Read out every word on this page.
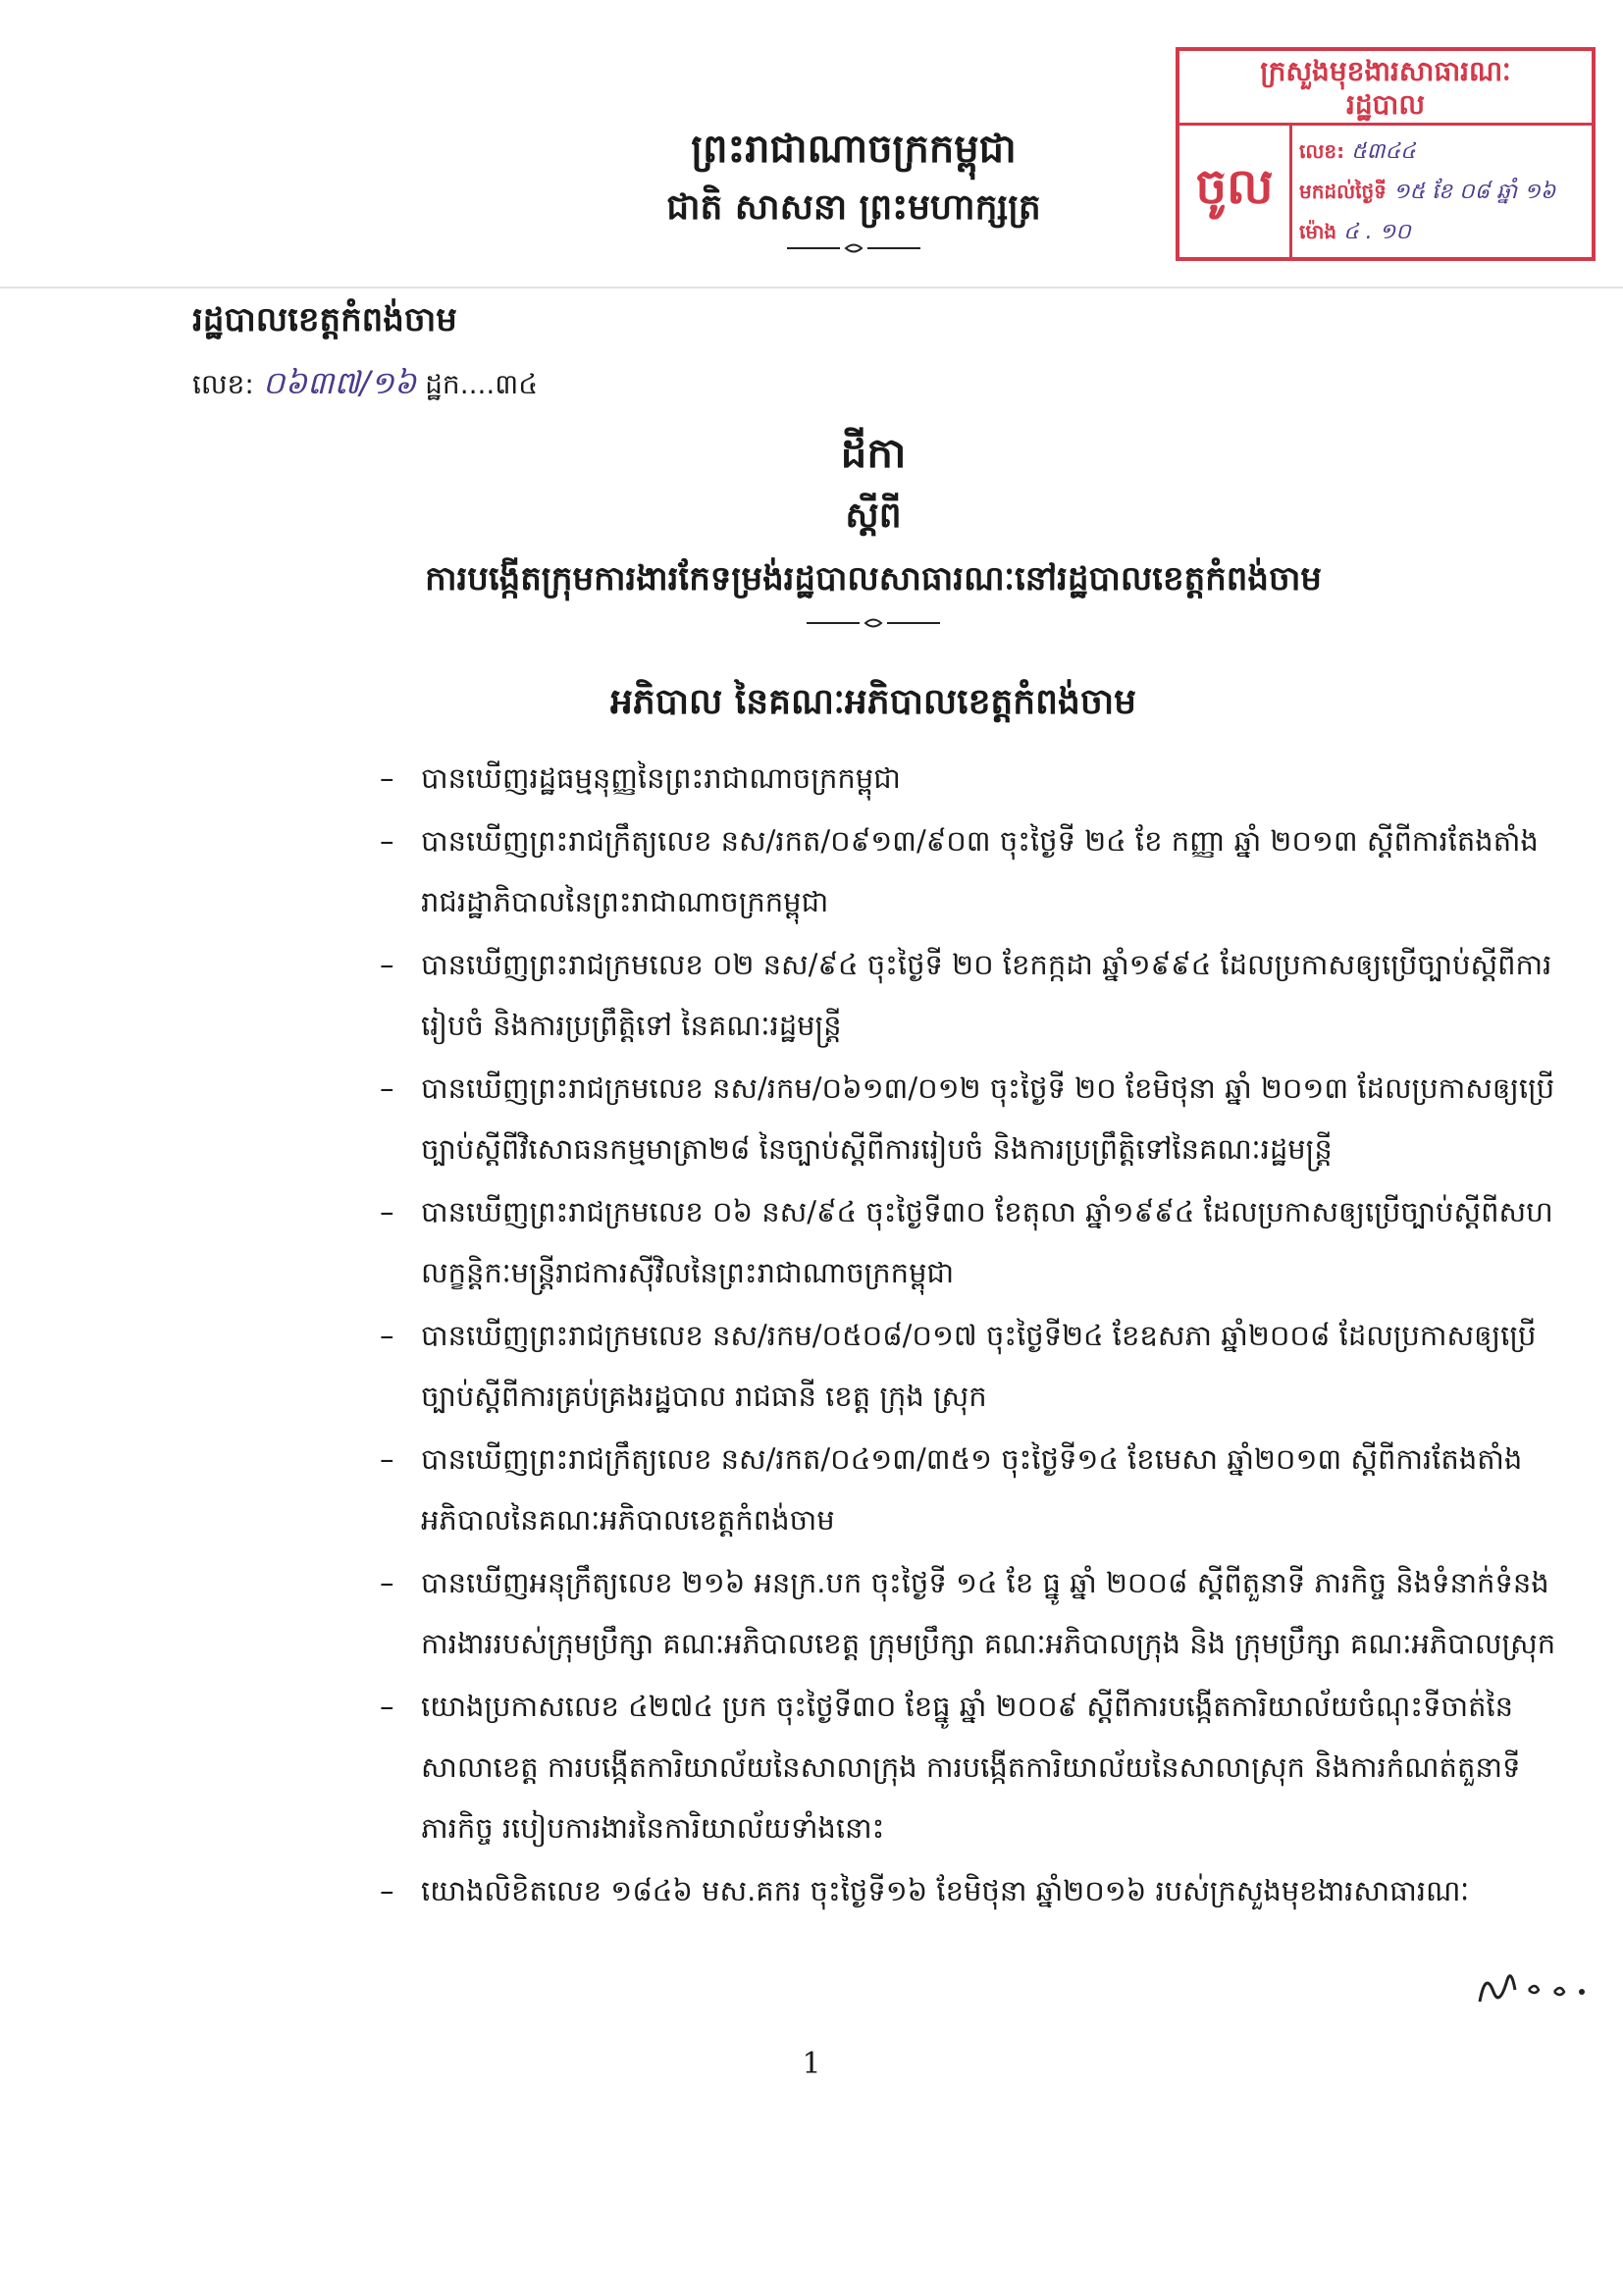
ព្រះរាជាណាចក្រកម្ពុជា
ជាតិ សាសនា ព្រះមហាក្សត្រ
ក្រសួងមុខងារសាធារណៈ
រដ្ឋបាល
ចូល
លេខ: ៥៣៤៤
មកដល់ថ្ងៃទី ១៥ ខែ ០៨ ឆ្នាំ ១៦
ម៉ោង ៤ . ១០
រដ្ឋបាលខេត្តកំពង់ចាម
លេខ: ០៦៣៧/១៦ ដ្ឋក....៣៤
ដីកា
ស្តីពី
ការបង្កើតក្រុមការងារកែទម្រង់រដ្ឋបាលសាធារណៈនៅរដ្ឋបាលខេត្តកំពង់ចាម
អភិបាល នៃគណៈអភិបាលខេត្តកំពង់ចាម
– បានឃើញរដ្ឋធម្មនុញ្ញនៃព្រះរាជាណាចក្រកម្ពុជា
– បានឃើញព្រះរាជក្រឹត្យលេខ នស/រកត/០៩១៣/៩០៣ ចុះថ្ងៃទី ២៤ ខែ កញ្ញា ឆ្នាំ ២០១៣ ស្តីពីការតែងតាំងរាជរដ្ឋាភិបាលនៃព្រះរាជាណាចក្រកម្ពុជា
– បានឃើញព្រះរាជក្រមលេខ ០២ នស/៩៤ ចុះថ្ងៃទី ២០ ខែកក្កដា ឆ្នាំ១៩៩៤ ដែលប្រកាសឲ្យប្រើច្បាប់ស្តីពីការរៀបចំ និងការប្រព្រឹត្តិទៅ នៃគណៈរដ្ឋមន្ត្រី
– បានឃើញព្រះរាជក្រមលេខ នស/រកម/០៦១៣/០១២ ចុះថ្ងៃទី ២០ ខែមិថុនា ឆ្នាំ ២០១៣ ដែលប្រកាសឲ្យប្រើច្បាប់ស្តីពីវិសោធនកម្មមាត្រា២៨ នៃច្បាប់ស្តីពីការរៀបចំ និងការប្រព្រឹត្តិទៅនៃគណៈរដ្ឋមន្ត្រី
– បានឃើញព្រះរាជក្រមលេខ ០៦ នស/៩៤ ចុះថ្ងៃទី៣០ ខែតុលា ឆ្នាំ១៩៩៤ ដែលប្រកាសឲ្យប្រើច្បាប់ស្តីពីសហលក្ខន្តិកៈមន្ត្រីរាជការស៊ីវិលនៃព្រះរាជាណាចក្រកម្ពុជា
– បានឃើញព្រះរាជក្រមលេខ នស/រកម/០៥០៨/០១៧ ចុះថ្ងៃទី២៤ ខែឧសភា ឆ្នាំ២០០៨ ដែលប្រកាសឲ្យប្រើច្បាប់ស្តីពីការគ្រប់គ្រងរដ្ឋបាល រាជធានី ខេត្ត ក្រុង ស្រុក
– បានឃើញព្រះរាជក្រឹត្យលេខ នស/រកត/០៤១៣/៣៥១ ចុះថ្ងៃទី១៤ ខែមេសា ឆ្នាំ២០១៣ ស្តីពីការតែងតាំងអភិបាលនៃគណៈអភិបាលខេត្តកំពង់ចាម
– បានឃើញអនុក្រឹត្យលេខ ២១៦ អនក្រ.បក ចុះថ្ងៃទី ១៤ ខែ ធ្នូ ឆ្នាំ ២០០៨ ស្តីពីតួនាទី ភារកិច្ច និងទំនាក់ទំនងការងាររបស់ក្រុមប្រឹក្សា គណៈអភិបាលខេត្ត ក្រុមប្រឹក្សា គណៈអភិបាលក្រុង និង ក្រុមប្រឹក្សា គណៈអភិបាលស្រុក
– យោងប្រកាសលេខ ៤២៧៤ ប្រក ចុះថ្ងៃទី៣០ ខែធ្នូ ឆ្នាំ ២០០៩ ស្តីពីការបង្កើតការិយាល័យចំណុះទីចាត់នៃសាលាខេត្ត ការបង្កើតការិយាល័យនៃសាលាក្រុង ការបង្កើតការិយាល័យនៃសាលាស្រុក និងការកំណត់តួនាទី ភារកិច្ច របៀបការងារនៃការិយាល័យទាំងនោះ
– យោងលិខិតលេខ ១៨៤៦ មស.គករ ចុះថ្ងៃទី១៦ ខែមិថុនា ឆ្នាំ២០១៦ របស់ក្រសួងមុខងារសាធារណៈ
1
